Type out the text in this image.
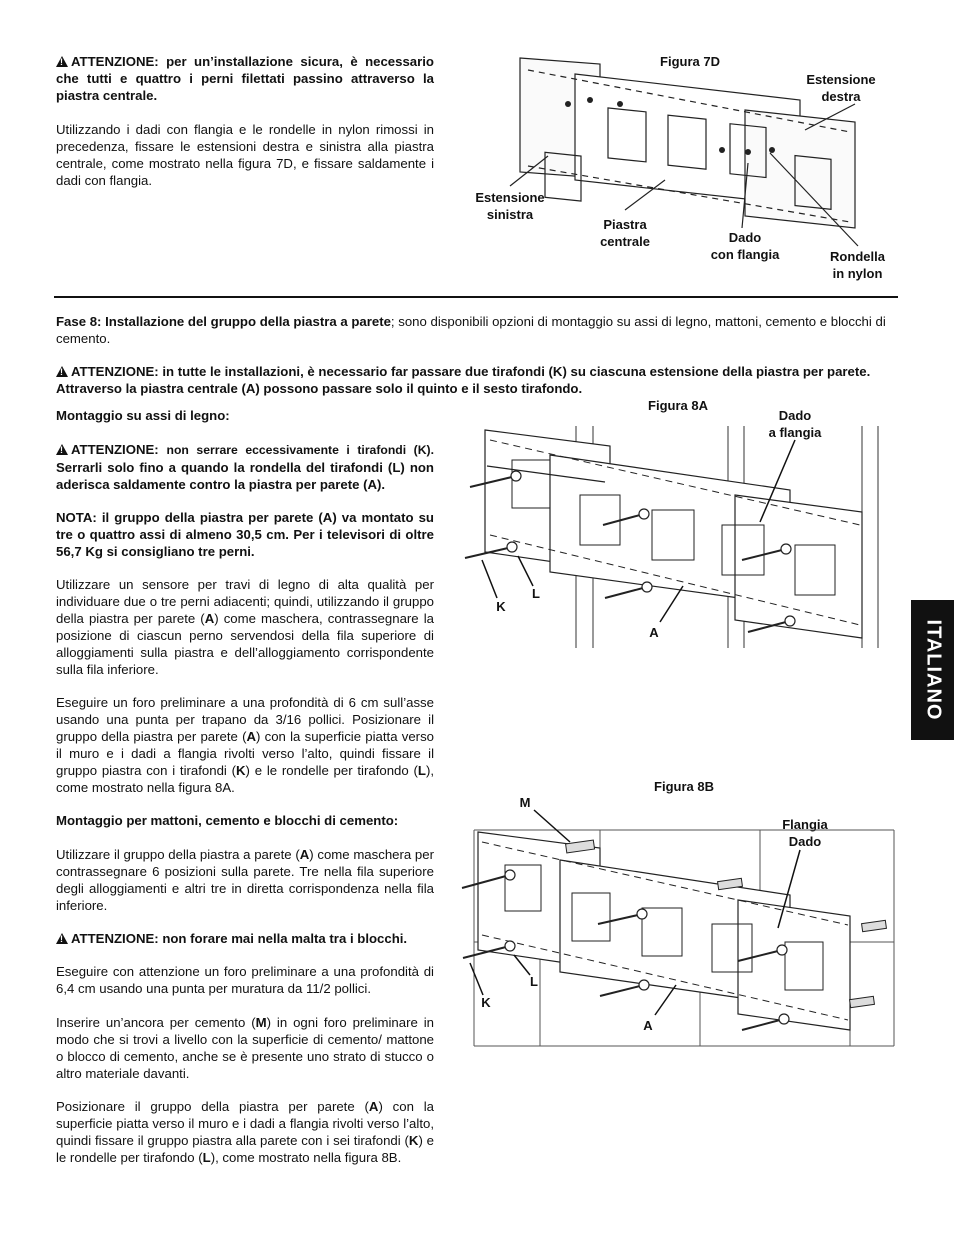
!ATTENZIONE: per un’installazione sicura, è necessario che tutti e quattro i perni filettati passino attraverso la piastra centrale.
Utilizzando i dadi con flangia e le rondelle in nylon rimossi in precedenza, fissare le estensioni destra e sinistra alla piastra centrale, come mostrato nella figura 7D, e fissare saldamente i dadi con flangia.
Figura 7D
Estensione
destra
Estensione
sinistra
Piastra
centrale	Dado
con flangia	Rondella
in nylon
Fase 8: Installazione del gruppo della piastra a parete; sono disponibili opzioni di montaggio su assi di legno, mattoni, cemento e blocchi di cemento.
!ATTENZIONE: in tutte le installazioni, è necessario far passare due tirafondi (K) su ciascuna estensione della piastra per parete. Attraverso la piastra centrale (A) possono passare solo il quinto e il sesto tirafondo.
Montaggio su assi di legno:
!ATTENZIONE: non serrare eccessivamente i tirafondi (K). Serrarli solo fino a quando la rondella del tirafondi (L) non aderisca saldamente contro la piastra per parete (A).
NOTA: il gruppo della piastra per parete (A) va montato su tre o quattro assi di almeno 30,5 cm. Per i televisori di oltre 56,7 Kg si consigliano tre perni.
Utilizzare un sensore per travi di legno di alta qualità per individuare due o tre perni adiacenti; quindi, utilizzando il gruppo della piastra per parete (A) come maschera, contrassegnare la posizione di ciascun perno servendosi della fila superiore di alloggiamenti sulla piastra e dell’alloggiamento corrispondente sulla fila inferiore.
Eseguire un foro preliminare a una profondità di 6 cm sull’asse usando una punta per trapano da 3/16 pollici. Posizionare il gruppo della piastra per parete (A) con la superficie piatta verso il muro e i dadi a flangia rivolti verso l’alto, quindi fissare il gruppo piastra con i tirafondi (K) e le rondelle per tirafondo (L), come mostrato nella figura 8A.
Montaggio per mattoni, cemento e blocchi di cemento:
Utilizzare il gruppo della piastra a parete (A) come maschera per contrassegnare 6 posizioni sulla parete. Tre nella fila superiore degli alloggiamenti e altri tre in diretta corrispondenza nella fila inferiore.
!ATTENZIONE: non forare mai nella malta tra i blocchi.
Eseguire con attenzione un foro preliminare a una profondità di 6,4 cm usando una punta per muratura da 11/2 pollici.
Inserire un’ancora per cemento (M) in ogni foro preliminare in modo che si trovi a livello con la superficie di cemento/ mattone o blocco di cemento, anche se è presente uno strato di stucco o altro materiale davanti.
Posizionare il gruppo della piastra per parete (A) con la superficie piatta verso il muro e i dadi a flangia rivolti verso l’alto, quindi fissare il gruppo piastra alla parete con i sei tirafondi (K) e le rondelle per tirafondo (L), come mostrato nella figura 8B.
Figura 8A
Dado
a flangia
K
L
A
Figura 8B
M
Flangia
Dado
K
L
A
ITALIANO
